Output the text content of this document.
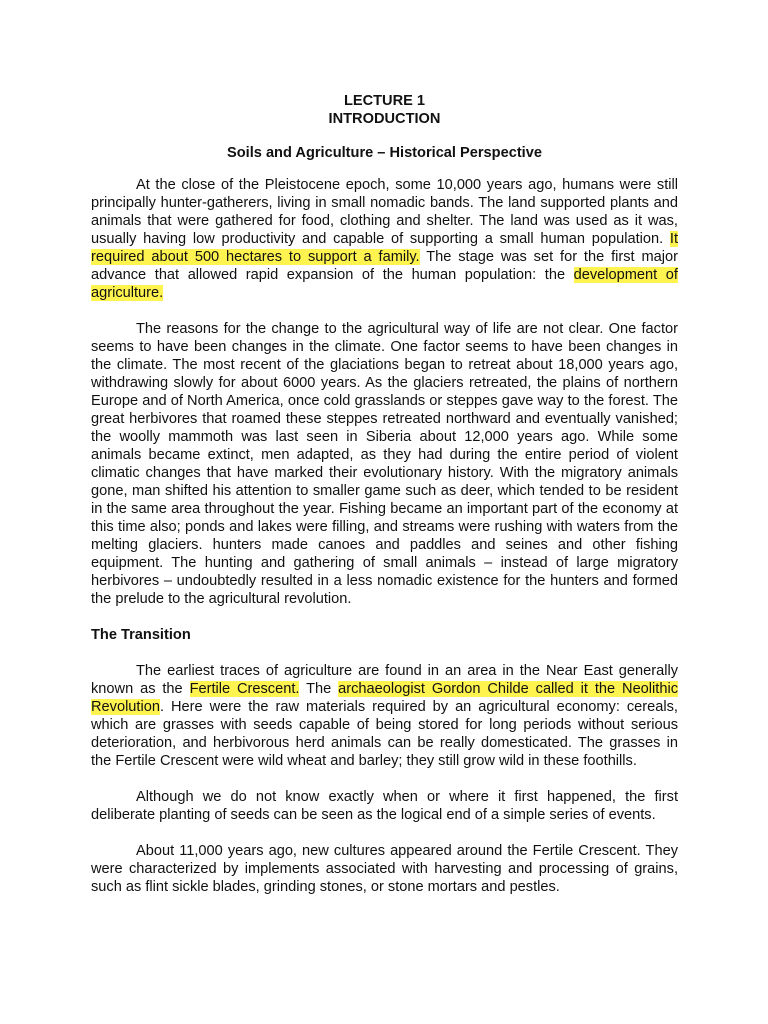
LECTURE 1
INTRODUCTION
Soils and Agriculture – Historical Perspective

At the close of the Pleistocene epoch, some 10,000 years ago, humans were still principally hunter-gatherers, living in small nomadic bands. The land supported plants and animals that were gathered for food, clothing and shelter. The land was used as it was, usually having low productivity and capable of supporting a small human population. It required about 500 hectares to support a family. The stage was set for the first major advance that allowed rapid expansion of the human population: the development of agriculture.

The reasons for the change to the agricultural way of life are not clear. One factor seems to have been changes in the climate. One factor seems to have been changes in the climate. The most recent of the glaciations began to retreat about 18,000 years ago, withdrawing slowly for about 6000 years. As the glaciers retreated, the plains of northern Europe and of North America, once cold grasslands or steppes gave way to the forest. The great herbivores that roamed these steppes retreated northward and eventually vanished; the woolly mammoth was last seen in Siberia about 12,000 years ago. While some animals became extinct, men adapted, as they had during the entire period of violent climatic changes that have marked their evolutionary history. With the migratory animals gone, man shifted his attention to smaller game such as deer, which tended to be resident in the same area throughout the year. Fishing became an important part of the economy at this time also; ponds and lakes were filling, and streams were rushing with waters from the melting glaciers. hunters made canoes and paddles and seines and other fishing equipment. The hunting and gathering of small animals – instead of large migratory herbivores – undoubtedly resulted in a less nomadic existence for the hunters and formed the prelude to the agricultural revolution.

The Transition

The earliest traces of agriculture are found in an area in the Near East generally known as the Fertile Crescent. The archaeologist Gordon Childe called it the Neolithic Revolution. Here were the raw materials required by an agricultural economy: cereals, which are grasses with seeds capable of being stored for long periods without serious deterioration, and herbivorous herd animals can be really domesticated. The grasses in the Fertile Crescent were wild wheat and barley; they still grow wild in these foothills.

Although we do not know exactly when or where it first happened, the first deliberate planting of seeds can be seen as the logical end of a simple series of events.

About 11,000 years ago, new cultures appeared around the Fertile Crescent. They were characterized by implements associated with harvesting and processing of grains, such as flint sickle blades, grinding stones, or stone mortars and pestles.
